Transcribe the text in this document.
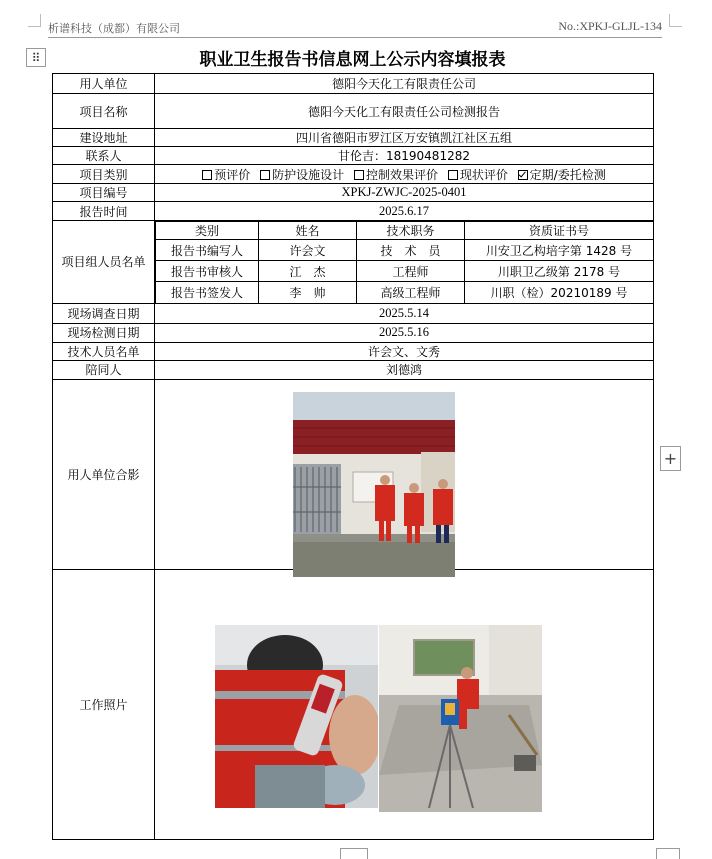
析谱科技（成都）有限公司	No.:XPKJ-GLJL-134
⠿	职业卫生报告书信息网上公示内容填报表
用人单位	德阳今天化工有限责任公司
项目名称	德阳今天化工有限责任公司检测报告
建设地址	四川省德阳市罗江区万安镇凯江社区五组
联系人	甘伦吉：18190481282
项目类别	预评价 防护设施设计 控制效果评价 现状评价 定期/委托检测
项目编号	XPKJ-ZWJC-2025-0401
报告时间	2025.6.17
项目组人员名单	
类别	姓名	技术职务	资质证书号
报告书编写人	许会文	技　术　员	川安卫乙构培字第 1428 号
报告书审核人	江　杰	工程师	川职卫乙级第 2178 号
报告书签发人	李　帅	高级工程师	川职（检）20210189 号

现场调查日期	2025.5.14
现场检测日期	2025.5.16
技术人员名单	许会文、文秀
陪同人	刘德鸿
用人单位合影	
工作照片	
+
